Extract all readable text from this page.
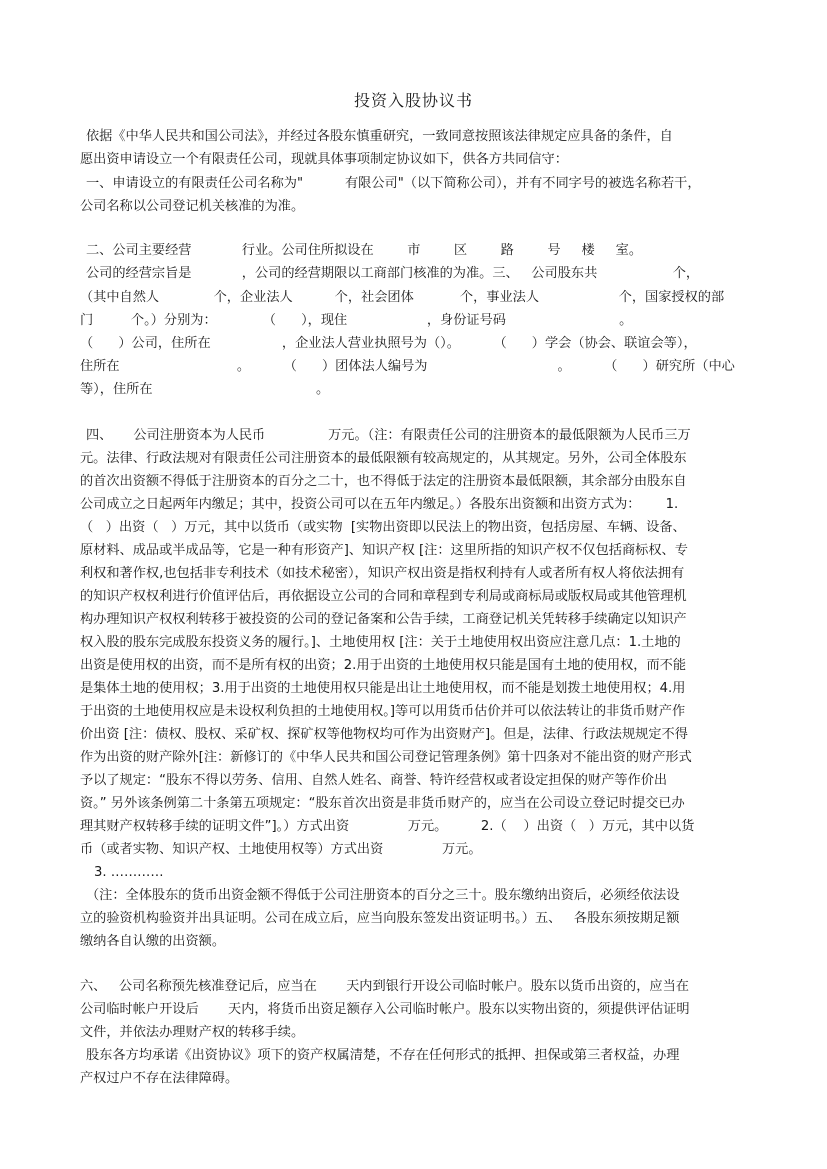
投资入股协议书
依据《中华人民共和国公司法》，并经过各股东慎重研究，一致同意按照该法律规定应具备的条件，自
愿出资申请设立一个有限责任公司，现就具体事项制定协议如下，供各方共同信守：
一、申请设立的有限责任公司名称为"          有限公司"（以下简称公司），并有不同字号的被选名称若干，
公司名称以公司登记机关核准的为准。
二、公司主要经营            行业。公司住所拟设在        市        区        路        号     楼     室。
公司的经营宗旨是            ，公司的经营期限以工商部门核准的为准。三、   公司股东共                  个，
（其中自然人             个，企业法人          个，社会团体           个，事业法人                   个，国家授权的部
门         个。）分别为：           （      ），现住                   ，身份证号码                           。
（      ）公司，住所在                 ，企业法人营业执照号为（）。        （      ）学会（协会、联谊会等），
住所在                            。        （      ）团体法人编号为                               。        （      ）研究所（中心
等），住所在                                       。
四、     公司注册资本为人民币               万元。（注：有限责任公司的注册资本的最低限额为人民币三万
元。法律、行政法规对有限责任公司注册资本的最低限额有较高规定的，从其规定。另外，公司全体股东
的首次出资额不得低于注册资本的百分之二十，也不得低于法定的注册资本最低限额，其余部分由股东自
公司成立之日起两年内缴足；其中，投资公司可以在五年内缴足。）各股东出资额和出资方式为：      1.
（   ）出资（   ）万元，其中以货币（或实物  [实物出资即以民法上的物出资，包括房屋、车辆、设备、
原材料、成品或半成品等，它是一种有形资产]、知识产权 [注：这里所指的知识产权不仅包括商标权、专
利权和著作权,也包括非专利技术（如技术秘密），知识产权出资是指权利持有人或者所有权人将依法拥有
的知识产权权利进行价值评估后，再依据设立公司的合同和章程到专利局或商标局或版权局或其他管理机
构办理知识产权权利转移于被投资的公司的登记备案和公告手续，工商登记机关凭转移手续确定以知识产
权入股的股东完成股东投资义务的履行。]、土地使用权 [注：关于土地使用权出资应注意几点：1.土地的
出资是使用权的出资，而不是所有权的出资；2.用于出资的土地使用权只能是国有土地的使用权，而不能
是集体土地的使用权；3.用于出资的土地使用权只能是出让土地使用权，而不能是划拨土地使用权；4.用
于出资的土地使用权应是未设权利负担的土地使用权。]等可以用货币估价并可以依法转让的非货币财产作
价出资 [注：债权、股权、采矿权、探矿权等他物权均可作为出资财产]。但是，法律、行政法规规定不得
作为出资的财产除外[注：新修订的《中华人民共和国公司登记管理条例》第十四条对不能出资的财产形式
予以了规定：“股东不得以劳务、信用、自然人姓名、商誉、特许经营权或者设定担保的财产等作价出
资。” 另外该条例第二十条第五项规定：“股东首次出资是非货币财产的，应当在公司设立登记时提交已办
理其财产权转移手续的证明文件”]。）方式出资              万元。        2.（    ）出资（   ）万元，其中以货
币（或者实物、知识产权、土地使用权等）方式出资              万元。
3. …………
（注：全体股东的货币出资金额不得低于公司注册资本的百分之三十。股东缴纳出资后，必须经依法设
立的验资机构验资并出具证明。公司在成立后，应当向股东签发出资证明书。）五、   各股东须按期足额
缴纳各自认缴的出资额。
六、   公司名称预先核准登记后，应当在       天内到银行开设公司临时帐户。股东以货币出资的，应当在
公司临时帐户开设后       天内，将货币出资足额存入公司临时帐户。股东以实物出资的，须提供评估证明
文件，并依法办理财产权的转移手续。
股东各方均承诺《出资协议》项下的资产权属清楚，不存在任何形式的抵押、担保或第三者权益，办理
产权过户不存在法律障碍。
